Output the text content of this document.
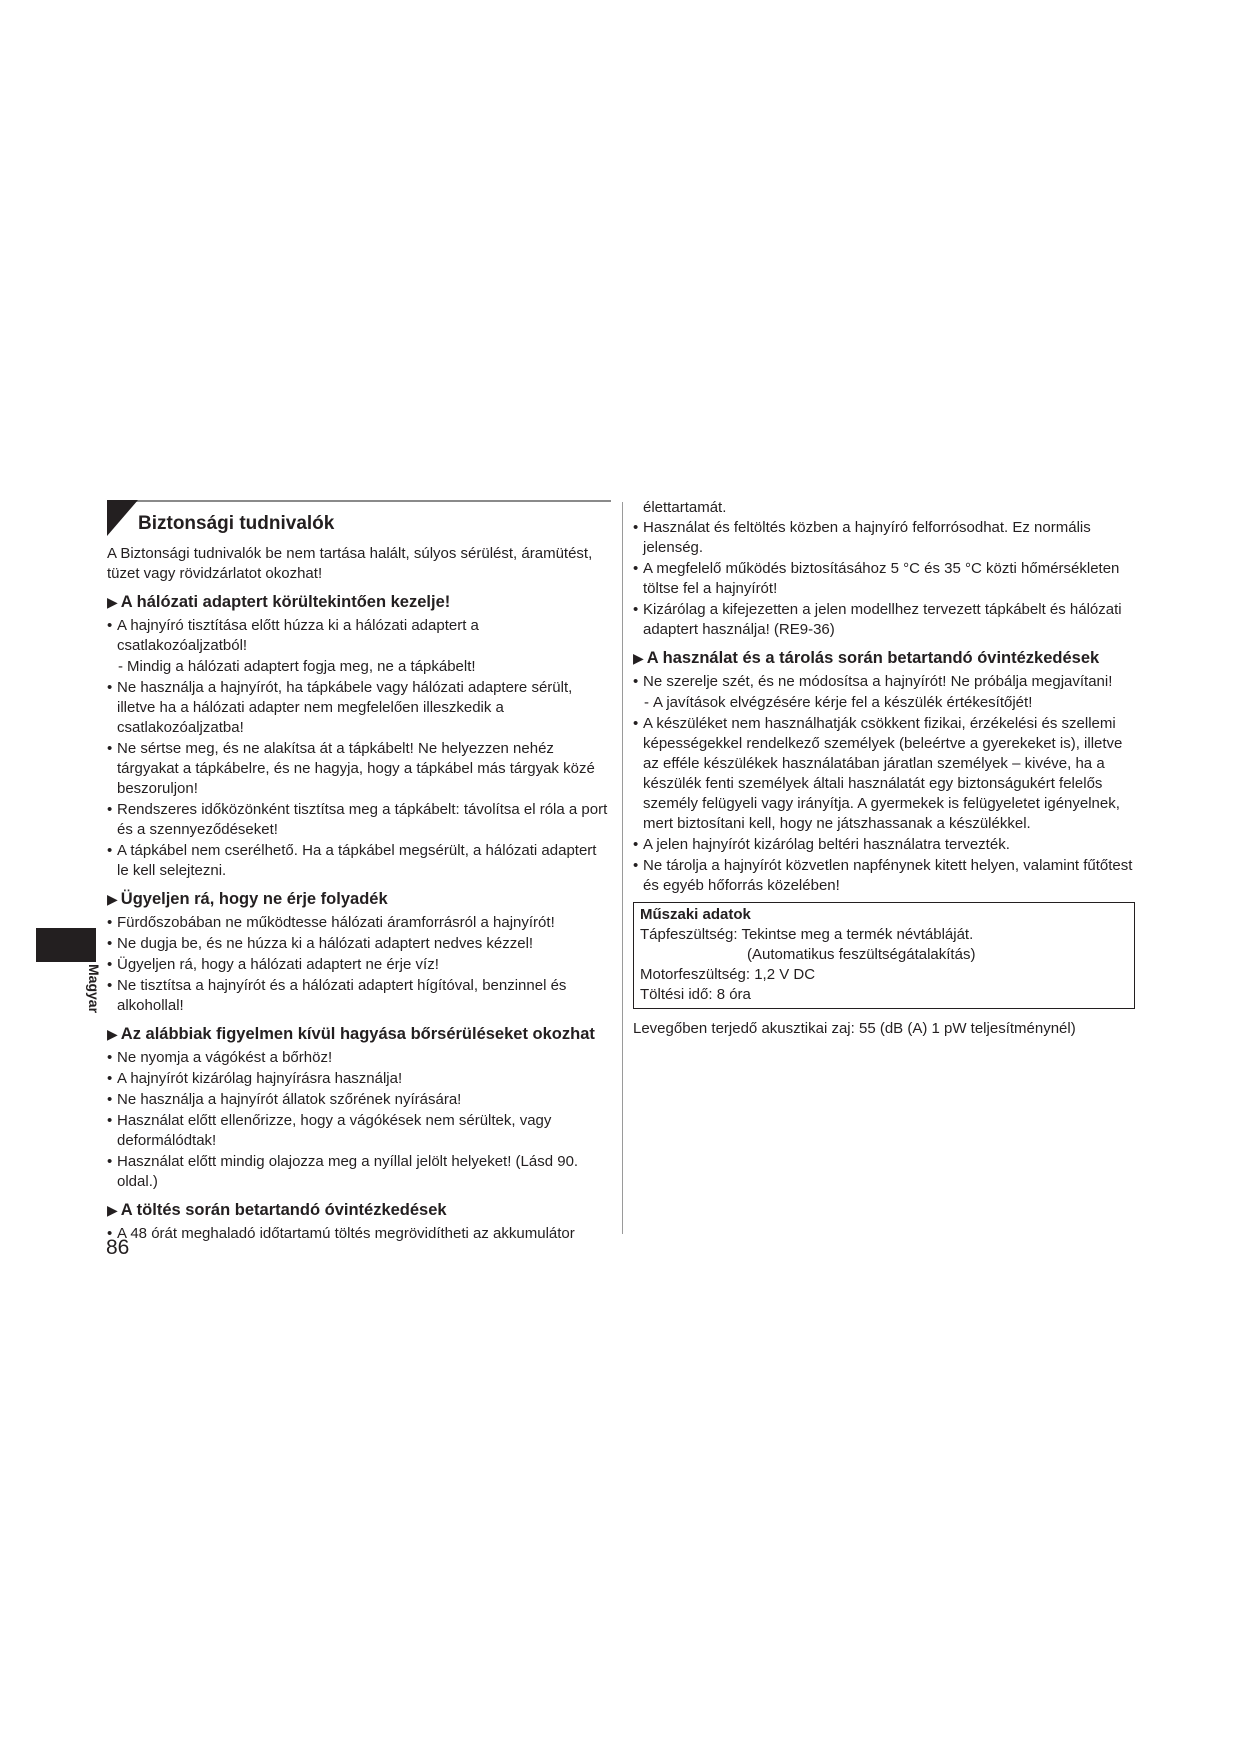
Biztonsági tudnivalók

A Biztonsági tudnivalók be nem tartása halált, súlyos sérülést, áramütést, tüzet vagy rövidzárlatot okozhat!

▶ A hálózati adaptert körültekintően kezelje!
• A hajnyíró tisztítása előtt húzza ki a hálózati adaptert a csatlakozóaljzatból!
- Mindig a hálózati adaptert fogja meg, ne a tápkábelt!
• Ne használja a hajnyírót, ha tápkábele vagy hálózati adaptere sérült, illetve ha a hálózati adapter nem megfelelően illeszkedik a csatlakozóaljzatba!
• Ne sértse meg, és ne alakítsa át a tápkábelt! Ne helyezzen nehéz tárgyakat a tápkábelre, és ne hagyja, hogy a tápkábel más tárgyak közé beszoruljon!
• Rendszeres időközönként tisztítsa meg a tápkábelt: távolítsa el róla a port és a szennyeződéseket!
• A tápkábel nem cserélhető. Ha a tápkábel megsérült, a hálózati adaptert le kell selejtezni.
▶ Ügyeljen rá, hogy ne érje folyadék
• Fürdőszobában ne működtesse hálózati áramforrásról a hajnyírót!
• Ne dugja be, és ne húzza ki a hálózati adaptert nedves kézzel!
• Ügyeljen rá, hogy a hálózati adaptert ne érje víz!
• Ne tisztítsa a hajnyírót és a hálózati adaptert hígítóval, benzinnel és alkohollal!
▶ Az alábbiak figyelmen kívül hagyása bőrsérüléseket okozhat
• Ne nyomja a vágókést a bőrhöz!
• A hajnyírót kizárólag hajnyírásra használja!
• Ne használja a hajnyírót állatok szőrének nyírására!
• Használat előtt ellenőrizze, hogy a vágókések nem sérültek, vagy deformálódtak!
• Használat előtt mindig olajozza meg a nyíllal jelölt helyeket! (Lásd 90. oldal.)
▶ A töltés során betartandó óvintézkedések
• A 48 órát meghaladó időtartamú töltés megrövidítheti az akkumulátor
élettartamát.
• Használat és feltöltés közben a hajnyíró felforrósodhat. Ez normális jelenség.
• A megfelelő működés biztosításához 5 °C és 35 °C közti hőmérsékleten töltse fel a hajnyírót!
• Kizárólag a kifejezetten a jelen modellhez tervezett tápkábelt és hálózati adaptert használja! (RE9-36)
▶ A használat és a tárolás során betartandó óvintézkedések
• Ne szerelje szét, és ne módosítsa a hajnyírót! Ne próbálja megjavítani!
- A javítások elvégzésére kérje fel a készülék értékesítőjét!
• A készüléket nem használhatják csökkent fizikai, érzékelési és szellemi képességekkel rendelkező személyek (beleértve a gyerekeket is), illetve az efféle készülékek használatában járatlan személyek – kivéve, ha a készülék fenti személyek általi használatát egy biztonságukért felelős személy felügyeli vagy irányítja. A gyermekek is felügyeletet igényelnek, mert biztosítani kell, hogy ne játszhassanak a készülékkel.
• A jelen hajnyírót kizárólag beltéri használatra tervezték.
• Ne tárolja a hajnyírót közvetlen napfénynek kitett helyen, valamint fűtőtest és egyéb hőforrás közelében!
Műszaki adatok
Tápfeszültség: Tekintse meg a termék névtábláját.
(Automatikus feszültségátalakítás)
Motorfeszültség: 1,2 V DC
Töltési idő: 8 óra
Levegőben terjedő akusztikai zaj: 55 (dB (A) 1 pW teljesítménynél)
Magyar
86
